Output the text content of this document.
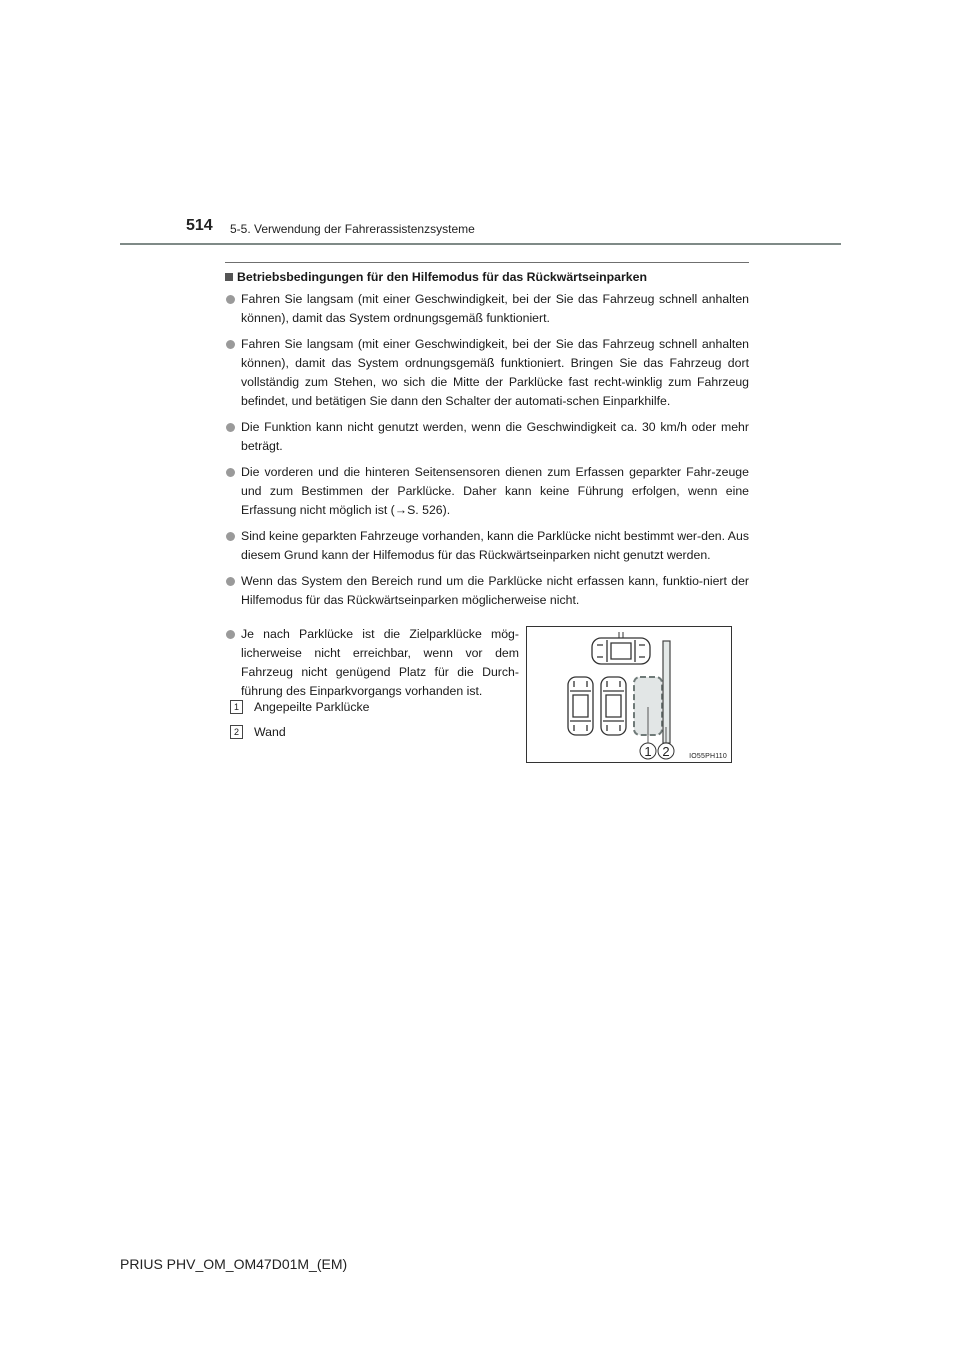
514 5-5. Verwendung der Fahrerassistenzsysteme
Betriebsbedingungen für den Hilfemodus für das Rückwärtseinparken
Fahren Sie langsam (mit einer Geschwindigkeit, bei der Sie das Fahrzeug schnell anhalten können), damit das System ordnungsgemäß funktioniert.
Fahren Sie langsam (mit einer Geschwindigkeit, bei der Sie das Fahrzeug schnell anhalten können), damit das System ordnungsgemäß funktioniert. Bringen Sie das Fahrzeug dort vollständig zum Stehen, wo sich die Mitte der Parklücke fast recht-winklig zum Fahrzeug befindet, und betätigen Sie dann den Schalter der automati-schen Einparkhilfe.
Die Funktion kann nicht genutzt werden, wenn die Geschwindigkeit ca. 30 km/h oder mehr beträgt.
Die vorderen und die hinteren Seitensensoren dienen zum Erfassen geparkter Fahr-zeuge und zum Bestimmen der Parklücke. Daher kann keine Führung erfolgen, wenn eine Erfassung nicht möglich ist (→S. 526).
Sind keine geparkten Fahrzeuge vorhanden, kann die Parklücke nicht bestimmt wer-den. Aus diesem Grund kann der Hilfemodus für das Rückwärtseinparken nicht genutzt werden.
Wenn das System den Bereich rund um die Parklücke nicht erfassen kann, funktio-niert der Hilfemodus für das Rückwärtseinparken möglicherweise nicht.
Je nach Parklücke ist die Zielparklücke mög-licherweise nicht erreichbar, wenn vor dem Fahrzeug nicht genügend Platz für die Durch-führung des Einparkvorgangs vorhanden ist.
1 Angepeilte Parklücke
2 Wand
1 2	IO55PH110
PRIUS PHV_OM_OM47D01M_(EM)
